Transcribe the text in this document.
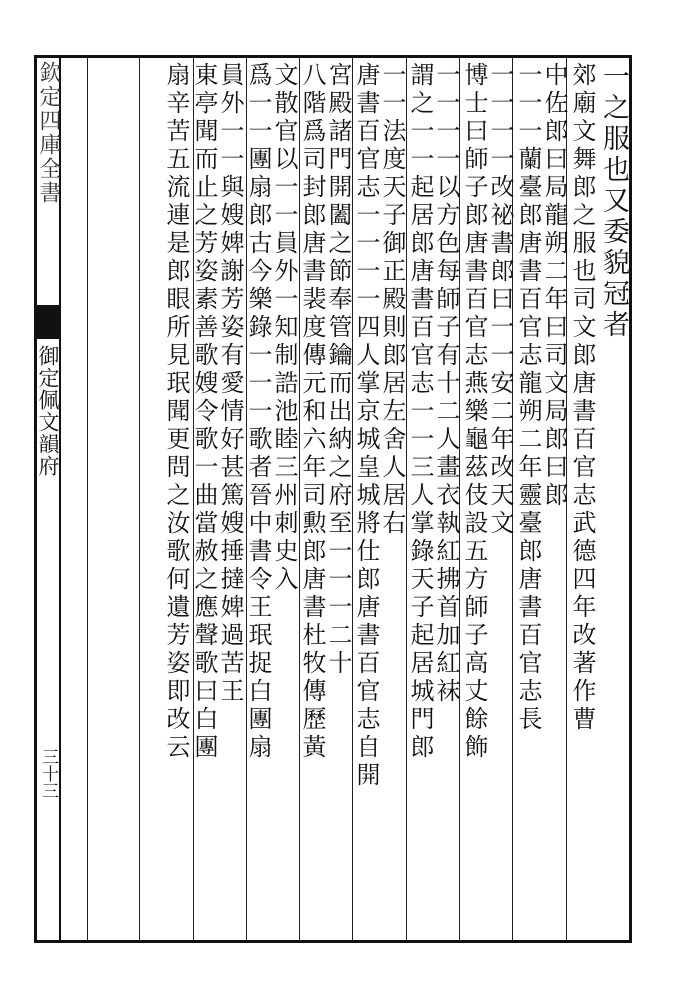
欽定四庫全書
御定佩文韻府
三十三
一之服也又委貌冠者
郊廟文舞郎之服也司文郎唐書百官志武德四年改著作曹
中佐郎曰局龍朔二年曰司文局郎曰郎
一一一蘭臺郎唐書百官志龍朔二年靈臺郎唐書百官志長
一一一一改祕書郎曰一一安二年改天文
博士曰師子郎唐書百官志燕樂龜茲伎設五方師子高丈餘飾
一一一一以方色每師子有十二人畫衣執紅拂首加紅袜
謂之一一起居郎唐書百官志一一三人掌錄天子起居城門郎
一一法度天子御正殿則郎居左舍人居右
唐書百官志一一一一四人掌京城皇城將仕郎唐書百官志自開
宮殿諸門開闔之節奉管鑰而出納之府至一一一二十
八階爲司封郎唐書裴度傳元和六年司勲郎唐書杜牧傳歷黃
文散官以一一員外一知制誥池睦三州刺史入
爲一一團扇郎古今樂錄一一一歌者晉中書令王珉捉白團扇
員外一一與嫂婢謝芳姿有愛情好甚篤嫂捶撻婢過苦王
東亭聞而止之芳姿素善歌嫂令歌一曲當赦之應聲歌曰白團
扇辛苦五流連是郎眼所見珉聞更問之汝歌何遺芳姿即改云
